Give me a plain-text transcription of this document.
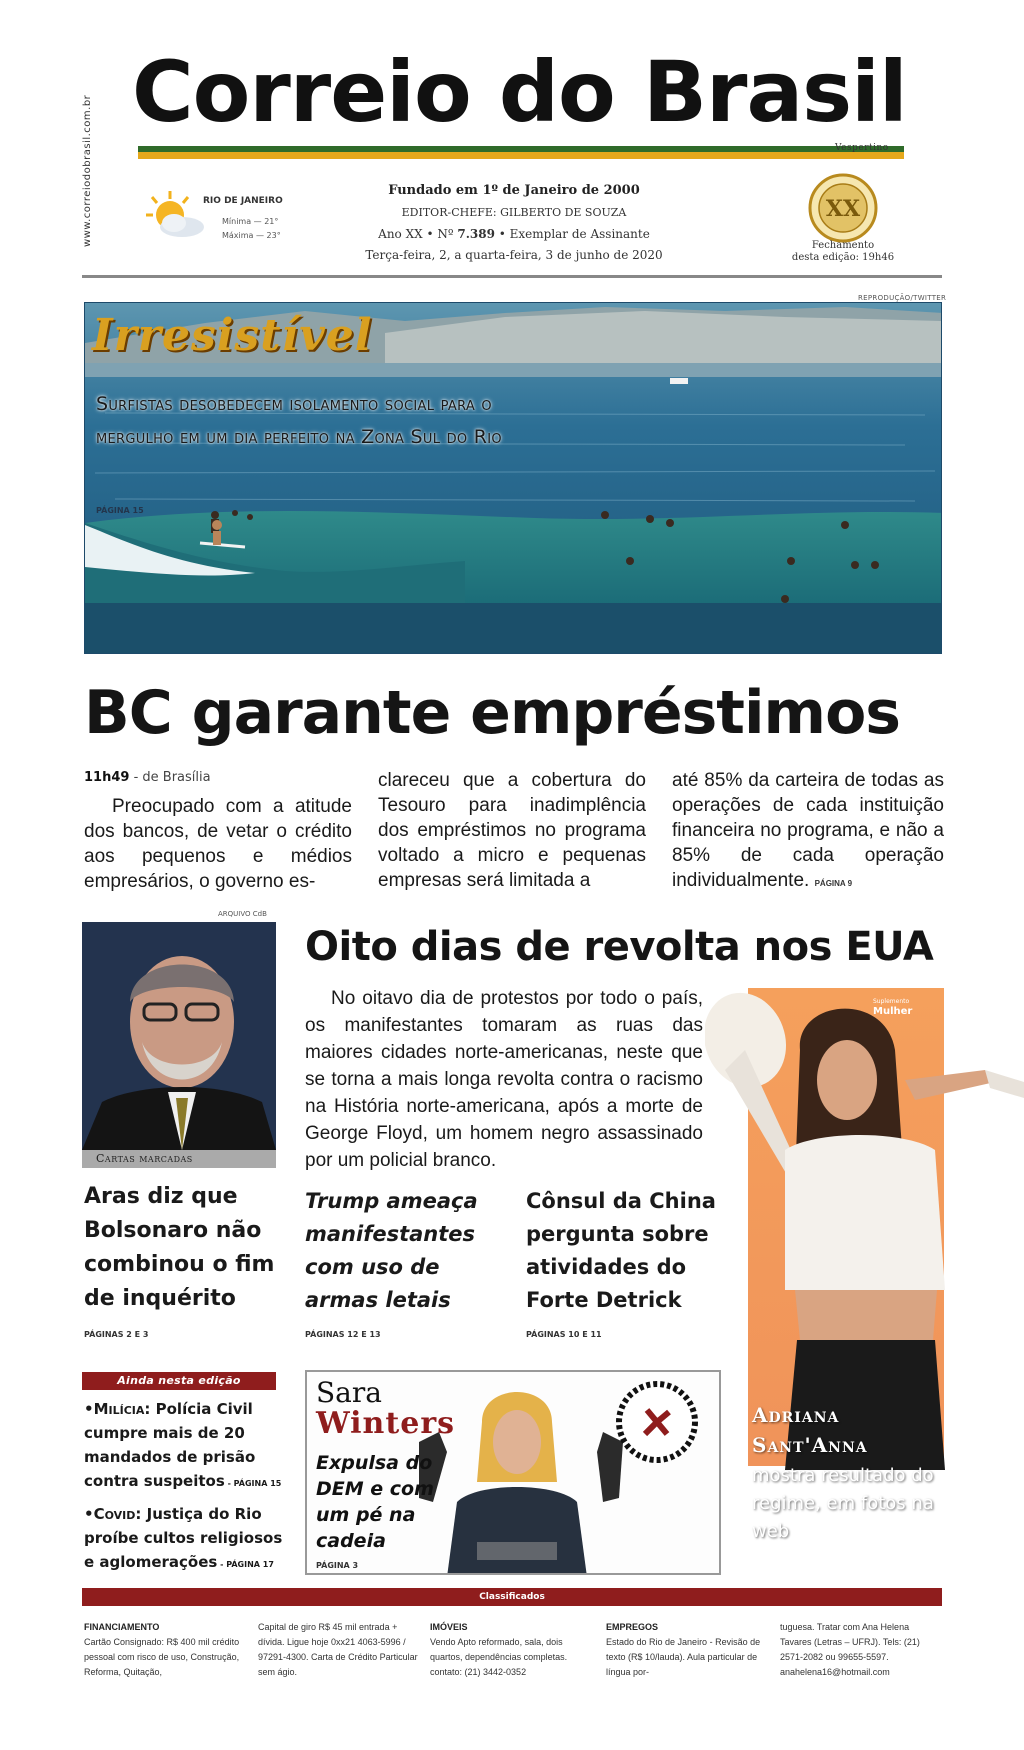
www.correiodobrasil.com.br
Correio do Brasil
Vespertino
RIO DE JANEIRO
Mínima — 21°
Máxima — 23°
Fundado em 1º de Janeiro de 2000
EDITOR-CHEFE: GILBERTO DE SOUZA
Ano XX • Nº 7.389 • Exemplar de Assinante
Terça-feira, 2, a quarta-feira, 3 de junho de 2020
XX
Fechamento
desta edição: 19h46
REPRODUÇÃO/TWITTER
Irresistível
Surfistas desobedecem isolamento social para o mergulho em um dia perfeito na Zona Sul do Rio
PÁGINA 15
BC garante empréstimos
11h49 - de Brasília
Preocupado com a atitude dos bancos, de vetar o crédito aos pequenos e médios empresários, o governo es-
clareceu que a cobertura do Tesouro para inadimplência dos empréstimos no programa voltado a micro e pequenas empresas será limitada a
até 85% da carteira de todas as operações de cada instituição financeira no programa, e não a 85% de cada operação individualmente. PÁGINA 9
ARQUIVO CdB
Cartas marcadas
Aras diz que Bolsonaro não combinou o fim de inquérito
PÁGINAS 2 E 3
Oito dias de revolta nos EUA
No oitavo dia de protestos por todo o país, os manifestantes tomaram as ruas das maiores cidades norte-americanas, neste que se torna a mais longa revolta contra o racismo na História norte-americana, após a morte de George Floyd, um homem negro assassinado por um policial branco.
Trump ameaça manifestantes com uso de armas letais
Cônsul da China pergunta sobre atividades do Forte Detrick
PÁGINAS 12 E 13	PÁGINAS 10 E 11
Suplemento
Mulher
Adriana
Sant'Anna
mostra resultado do regime, em fotos na web
PÁGINA 24
Ainda nesta edição
•Milícia: Polícia Civil cumpre mais de 20 mandados de prisão contra suspeitos - PÁGINA 15
•Covid: Justiça do Rio proíbe cultos religiosos e aglomerações - PÁGINA 17
Sara
Winters
Expulsa do DEM e com um pé na cadeia
PÁGINA 3
Classificados
FINANCIAMENTO
Cartão Consignado: R$ 400 mil crédito pessoal com risco de uso, Construção, Reforma, Quitação,
Capital de giro R$ 45 mil entrada + dívida. Ligue hoje 0xx21 4063-5996 / 97291-4300. Carta de Crédito Particular sem ágio.
IMÓVEIS
Vendo Apto reformado, sala, dois quartos, dependências completas. contato: (21) 3442-0352
EMPREGOS
Estado do Rio de Janeiro - Revisão de texto (R$ 10/lauda). Aula particular de língua por-
tuguesa. Tratar com Ana Helena Tavares (Letras – UFRJ). Tels: (21) 2571-2082 ou 99655-5597. anahelena16@hotmail.com
